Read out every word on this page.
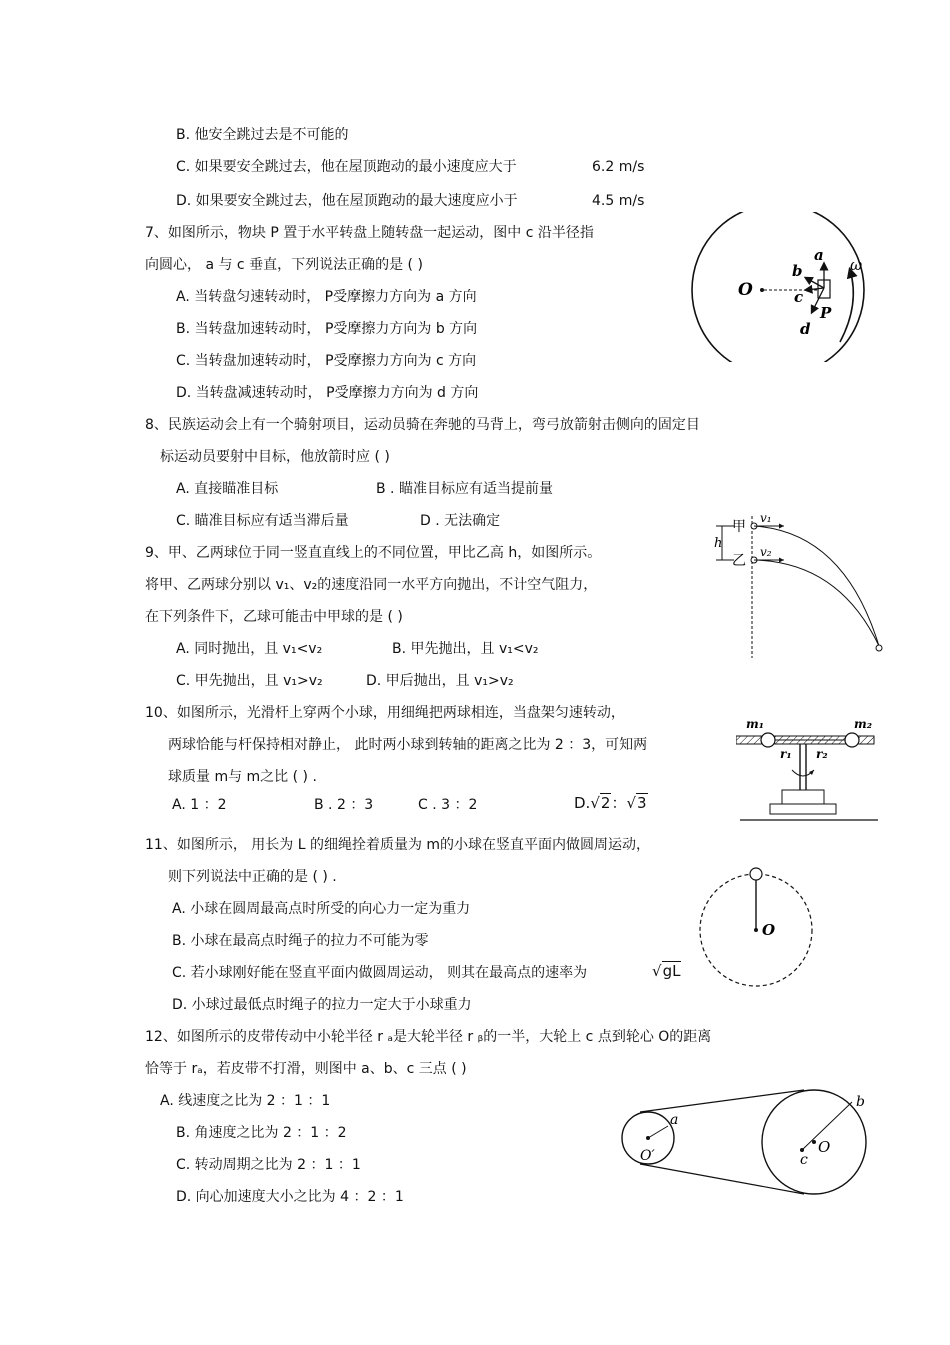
B. 他安全跳过去是不可能的
C. 如果要安全跳过去，他在屋顶跑动的最小速度应大于	6.2 m/s
D. 如果要安全跳过去，他在屋顶跑动的最大速度应小于	4.5 m/s
7、如图所示，物块 P 置于水平转盘上随转盘一起运动，图中 c 沿半径指
向圆心， a 与 c 垂直，下列说法正确的是 ( )
A. 当转盘匀速转动时， P受摩擦力方向为 a 方向
B. 当转盘加速转动时， P受摩擦力方向为 b 方向
C. 当转盘加速转动时， P受摩擦力方向为 c 方向
D. 当转盘减速转动时， P受摩擦力方向为 d 方向
O
a
b
c
d
P
ω
8、民族运动会上有一个骑射项目，运动员骑在奔驰的马背上，弯弓放箭射击侧向的固定目
标运动员要射中目标，他放箭时应 ( )
A. 直接瞄准目标	B . 瞄准目标应有适当提前量
C. 瞄准目标应有适当滞后量	D . 无法确定
9、甲、乙两球位于同一竖直直线上的不同位置，甲比乙高 h，如图所示。
将甲、乙两球分别以 v₁、v₂的速度沿同一水平方向抛出，不计空气阻力，
在下列条件下，乙球可能击中甲球的是 ( )
A. 同时抛出，且 v₁<v₂	B. 甲先抛出，且 v₁<v₂
C. 甲先抛出，且 v₁>v₂	D. 甲后抛出，且 v₁>v₂
h
甲
乙
v₁
v₂
10、如图所示，光滑杆上穿两个小球，用细绳把两球相连，当盘架匀速转动，
两球恰能与杆保持相对静止， 此时两小球到转轴的距离之比为 2 ：3，可知两
球质量 m与 m之比 ( ) .
A. 1 ：2	B . 2 ：3	C . 3 ：2	D.√2：√3
m₁	m₂
r₁ r₂
11、如图所示， 用长为 L 的细绳拴着质量为 m的小球在竖直平面内做圆周运动，
则下列说法中正确的是 ( ) .
A. 小球在圆周最高点时所受的向心力一定为重力
B. 小球在最高点时绳子的拉力不可能为零
C. 若小球刚好能在竖直平面内做圆周运动， 则其在最高点的速率为	√gL
D. 小球过最低点时绳子的拉力一定大于小球重力
O
12、如图所示的皮带传动中小轮半径 r ₐ是大轮半径 r ᵦ的一半，大轮上 c 点到轮心 O的距离
恰等于 rₐ，若皮带不打滑，则图中 a、b、c 三点 ( )
A. 线速度之比为 2 ：1 ：1
B. 角速度之比为 2 ：1 ：2
C. 转动周期之比为 2 ：1 ：1
D. 向心加速度大小之比为 4 ：2 ：1
a
b
c
O
O′
